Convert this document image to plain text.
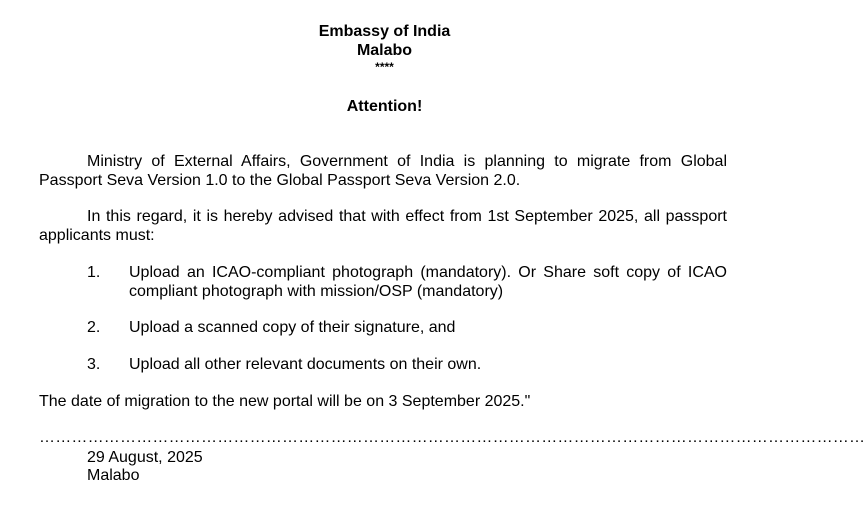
Embassy of India
Malabo
****
Attention!
Ministry of External Affairs, Government of India is planning to migrate from Global Passport Seva Version 1.0 to the Global Passport Seva Version 2.0.
In this regard, it is hereby advised that with effect from 1st September 2025, all passport applicants must:
1.	Upload an ICAO-compliant photograph (mandatory). Or Share soft copy of ICAO compliant photograph with mission/OSP (mandatory)
2.	Upload a scanned copy of their signature, and
3.	Upload all other relevant documents on their own.
The date of migration to the new portal will be on 3 September 2025."
………………………………………………………………………………………………………………………………………
29 August, 2025
Malabo
